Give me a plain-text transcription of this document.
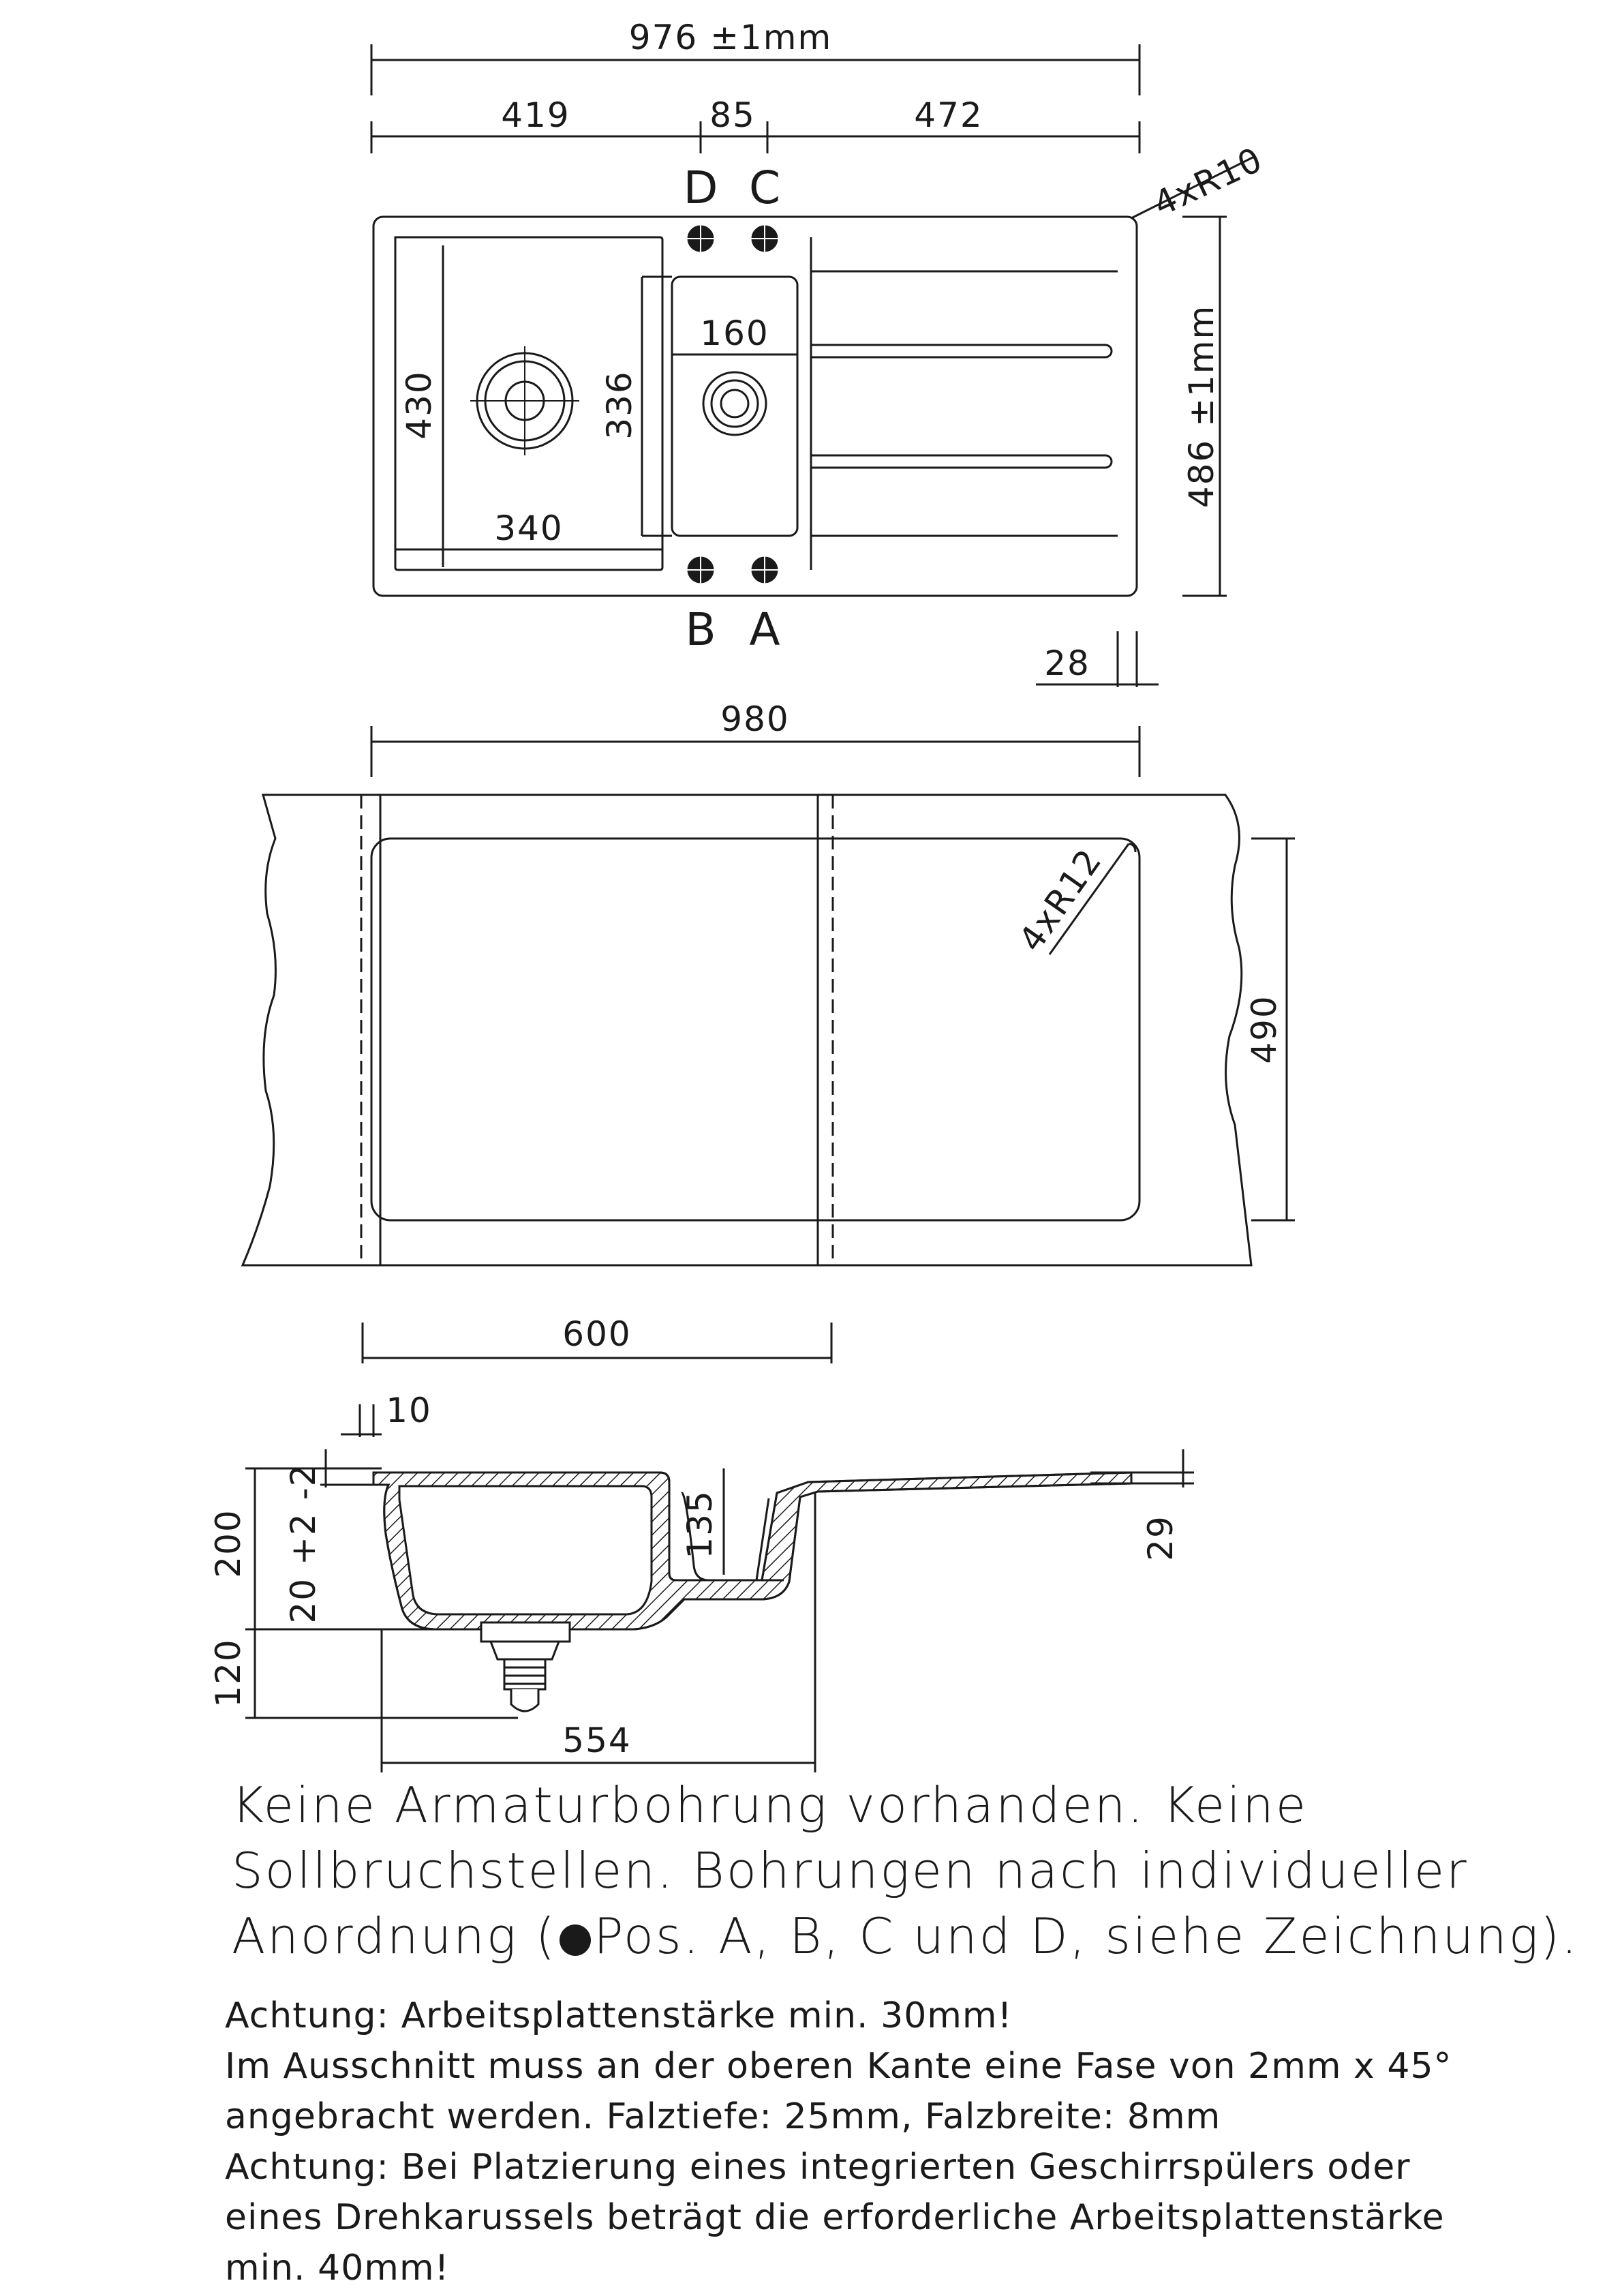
976 ±1mm
419	85	472
4xR10
D C
B A
430
340
336
160	486 ±1mm
28
980
4xR12
490
600
10
200 20 +2 -2	135	29
120
554
Keine Armaturbohrung vorhanden. Keine
Sollbruchstellen. Bohrungen nach individueller
Anordnung ( Pos. A, B, C und D, siehe Zeichnung).
Achtung: Arbeitsplattenstärke min. 30mm!
Im Ausschnitt muss an der oberen Kante eine Fase von 2mm x 45°
angebracht werden. Falztiefe: 25mm, Falzbreite: 8mm
Achtung: Bei Platzierung eines integrierten Geschirrspülers oder
eines Drehkarussels beträgt die erforderliche Arbeitsplattenstärke
min. 40mm!
